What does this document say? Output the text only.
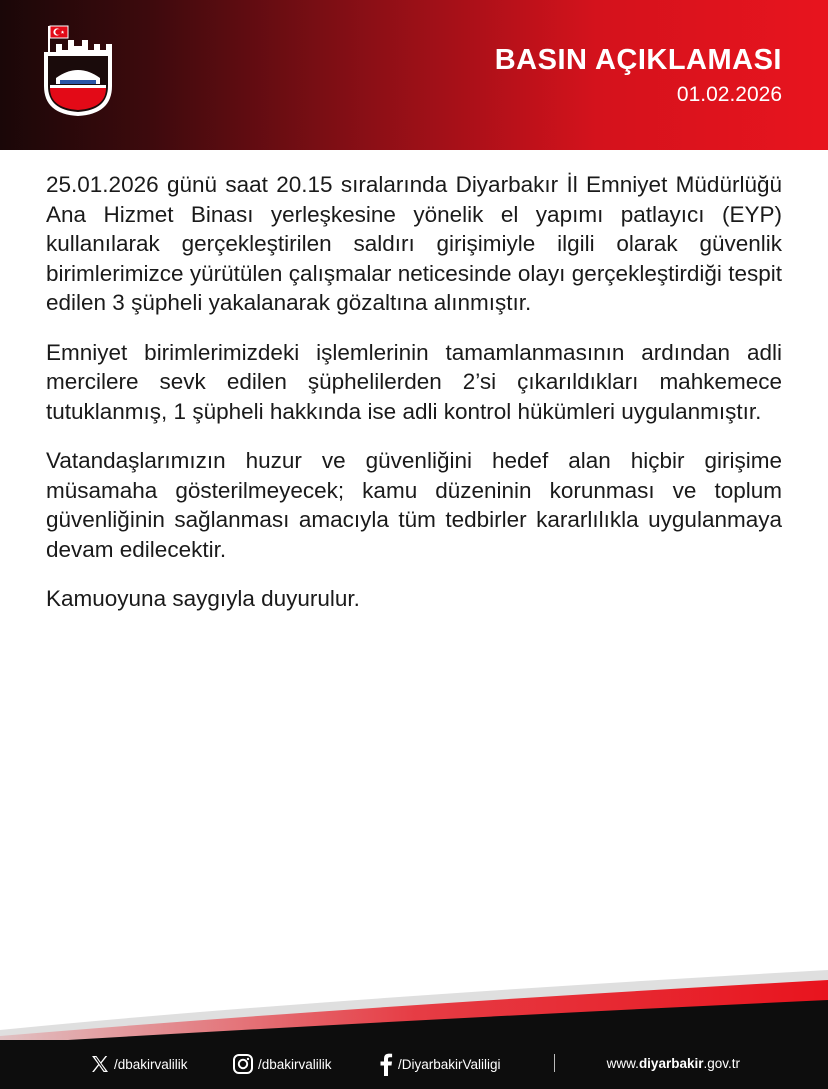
BASIN AÇIKLAMASI
01.02.2026

25.01.2026 günü saat 20.15 sıralarında Diyarbakır İl Emniyet Müdürlüğü Ana Hizmet Binası yerleşkesine yönelik el yapımı patlayıcı (EYP) kullanılarak gerçekleştirilen saldırı girişimiyle ilgili olarak güvenlik birimlerimizce yürütülen çalışmalar neticesinde olayı gerçekleştirdiği tespit edilen 3 şüpheli yakalanarak gözaltına alınmıştır.

Emniyet birimlerimizdeki işlemlerinin tamamlanmasının ardından adli mercilere sevk edilen şüphelilerden 2’si çıkarıldıkları mahkemece tutuklanmış, 1 şüpheli hakkında ise adli kontrol hükümleri uygulanmıştır.

Vatandaşlarımızın huzur ve güvenliğini hedef alan hiçbir girişime müsamaha gösterilmeyecek; kamu düzeninin korunması ve toplum güvenliğinin sağlanması amacıyla tüm tedbirler kararlılıkla uygulanmaya devam edilecektir.

Kamuoyuna saygıyla duyurulur.

/dbakirvalilik	/dbakirvalilik	/DiyarbakirValiligi	www.diyarbakir.gov.tr
